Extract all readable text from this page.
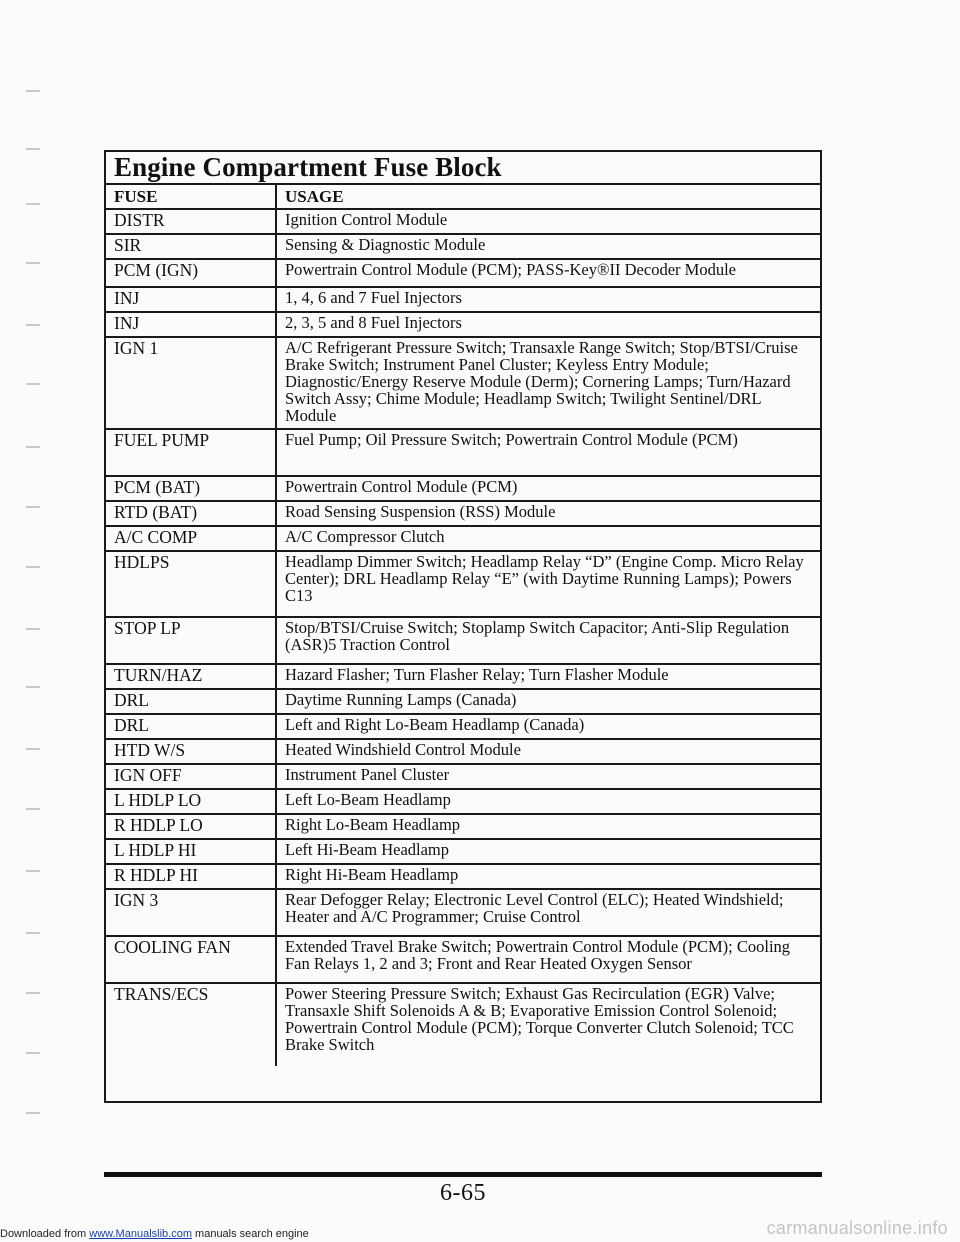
Engine Compartment Fuse Block
FUSE	USAGE
DISTR	Ignition Control Module
SIR	Sensing & Diagnostic Module
PCM (IGN)	Powertrain Control Module (PCM); PASS-Key®II Decoder Module
INJ	1, 4, 6 and 7 Fuel Injectors
INJ	2, 3, 5 and 8 Fuel Injectors
IGN 1	A/C Refrigerant Pressure Switch; Transaxle Range Switch; Stop/BTSI/Cruise Brake Switch; Instrument Panel Cluster; Keyless Entry Module; Diagnostic/Energy Reserve Module (Derm); Cornering Lamps; Turn/Hazard Switch Assy; Chime Module; Headlamp Switch; Twilight Sentinel/DRL Module
FUEL PUMP	Fuel Pump; Oil Pressure Switch; Powertrain Control Module (PCM)
PCM (BAT)	Powertrain Control Module (PCM)
RTD (BAT)	Road Sensing Suspension (RSS) Module
A/C COMP	A/C Compressor Clutch
HDLPS	Headlamp Dimmer Switch; Headlamp Relay “D” (Engine Comp. Micro Relay Center); DRL Headlamp Relay “E” (with Daytime Running Lamps); Powers C13
STOP LP	Stop/BTSI/Cruise Switch; Stoplamp Switch Capacitor; Anti-Slip Regulation (ASR)5 Traction Control
TURN/HAZ	Hazard Flasher; Turn Flasher Relay; Turn Flasher Module
DRL	Daytime Running Lamps (Canada)
DRL	Left and Right Lo-Beam Headlamp (Canada)
HTD W/S	Heated Windshield Control Module
IGN OFF	Instrument Panel Cluster
L HDLP LO	Left Lo-Beam Headlamp
R HDLP LO	Right Lo-Beam Headlamp
L HDLP HI	Left Hi-Beam Headlamp
R HDLP HI	Right Hi-Beam Headlamp
IGN 3	Rear Defogger Relay; Electronic Level Control (ELC); Heated Windshield; Heater and A/C Programmer; Cruise Control
COOLING FAN	Extended Travel Brake Switch; Powertrain Control Module (PCM); Cooling Fan Relays 1, 2 and 3; Front and Rear Heated Oxygen Sensor
TRANS/ECS	Power Steering Pressure Switch; Exhaust Gas Recirculation (EGR) Valve; Transaxle Shift Solenoids A & B; Evaporative Emission Control Solenoid; Powertrain Control Module (PCM); Torque Converter Clutch Solenoid; TCC Brake Switch
6-65
Downloaded from www.Manualslib.com manuals search engine	carmanualsonline.info
